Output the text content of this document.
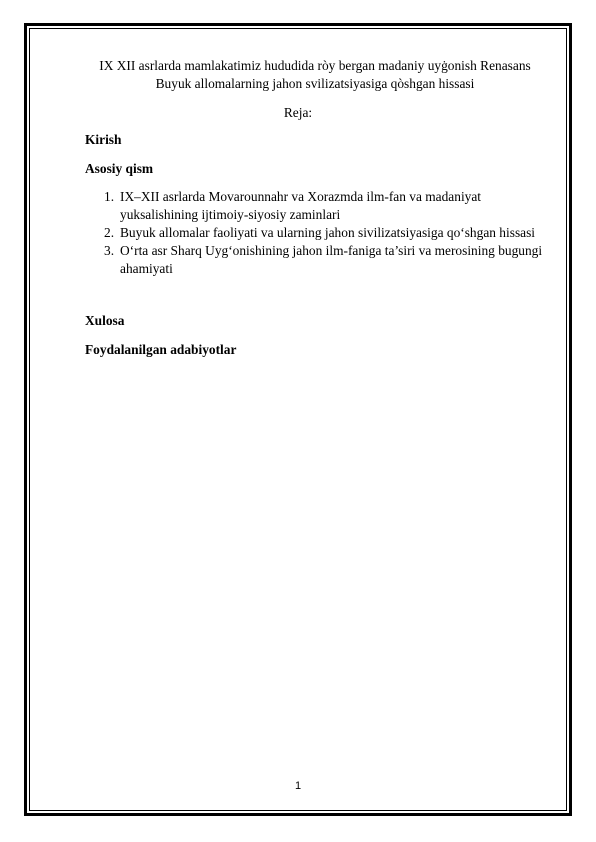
IX XII asrlarda mamlakatimiz hududida ròy bergan madaniy uyġonish Renasans
Buyuk allomalarning jahon svilizatsiyasiga qòshgan hissasi
Reja:
Kirish
Asosiy qism
1. IX–XII asrlarda Movarounnahr va Xorazmda ilm-fan va madaniyat yuksalishining ijtimoiy-siyosiy zaminlari
2. Buyuk allomalar faoliyati va ularning jahon sivilizatsiyasiga qo‘shgan hissasi
3. O‘rta asr Sharq Uyg‘onishining jahon ilm-faniga ta’siri va merosining bugungi ahamiyati
Xulosa
Foydalanilgan adabiyotlar
1
